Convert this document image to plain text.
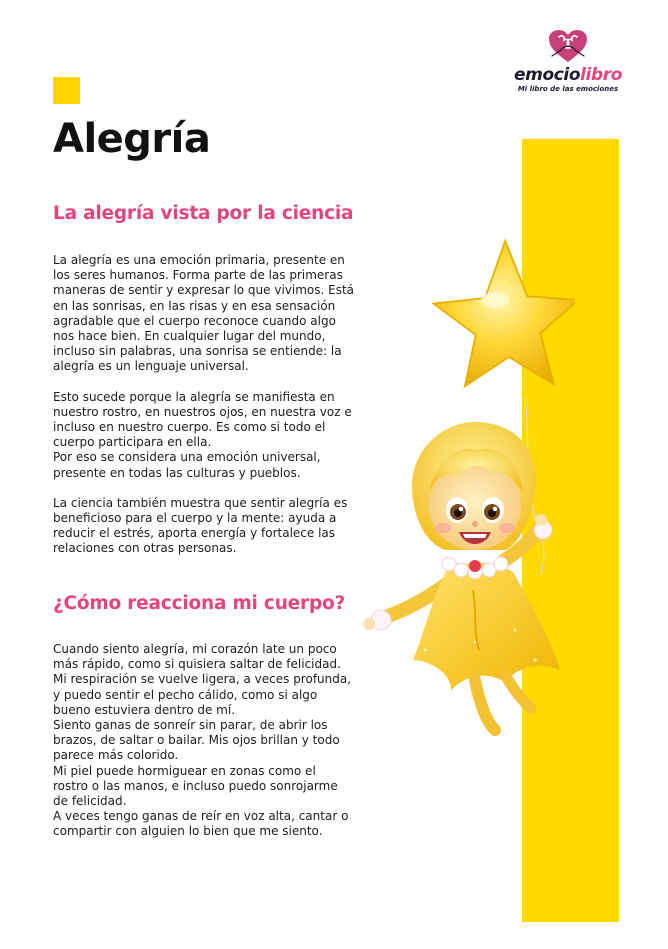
Alegría
emociolibro
Mi libro de las emociones
La alegría vista por la ciencia

La alegría es una emoción primaria, presente en
los seres humanos. Forma parte de las primeras
maneras de sentir y expresar lo que vivimos. Está
en las sonrisas, en las risas y en esa sensación
agradable que el cuerpo reconoce cuando algo
nos hace bien. En cualquier lugar del mundo,
incluso sin palabras, una sonrisa se entiende: la
alegría es un lenguaje universal.

Esto sucede porque la alegría se manifiesta en
nuestro rostro, en nuestros ojos, en nuestra voz e
incluso en nuestro cuerpo. Es como si todo el
cuerpo participara en ella.
Por eso se considera una emoción universal,
presente en todas las culturas y pueblos.

La ciencia también muestra que sentir alegría es
beneficioso para el cuerpo y la mente: ayuda a
reducir el estrés, aporta energía y fortalece las
relaciones con otras personas.

¿Cómo reacciona mi cuerpo?

Cuando siento alegría, mi corazón late un poco
más rápido, como si quisiera saltar de felicidad.
Mi respiración se vuelve ligera, a veces profunda,
y puedo sentir el pecho cálido, como si algo
bueno estuviera dentro de mí.
Siento ganas de sonreír sin parar, de abrir los
brazos, de saltar o bailar. Mis ojos brillan y todo
parece más colorido.
Mi piel puede hormiguear en zonas como el
rostro o las manos, e incluso puedo sonrojarme
de felicidad.
A veces tengo ganas de reír en voz alta, cantar o
compartir con alguien lo bien que me siento.
